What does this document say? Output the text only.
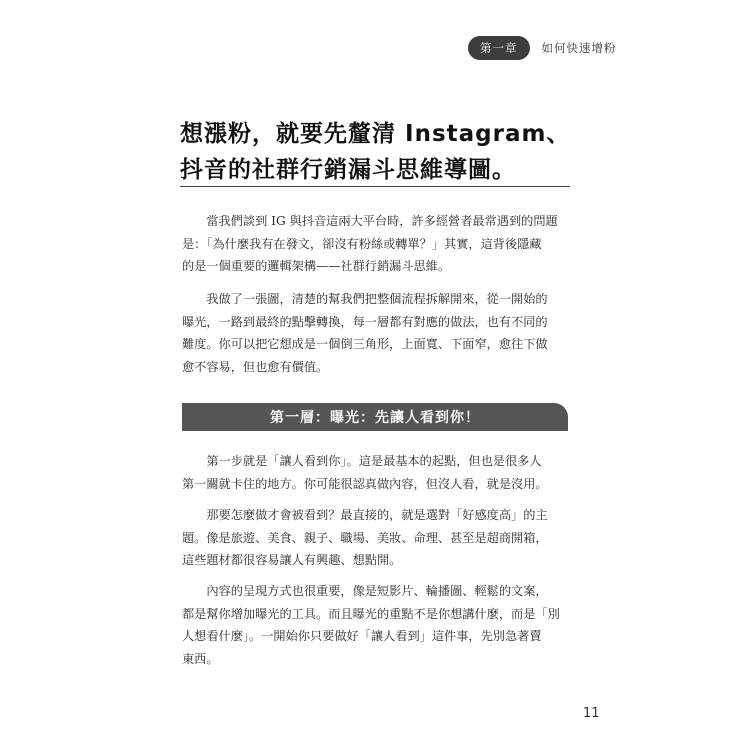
第一章	如何快速增粉
想漲粉，就要先釐清 Instagram、
抖音的社群行銷漏斗思維導圖。

　　當我們談到 IG 與抖音這兩大平台時，許多經營者最常遇到的問題
是：「為什麼我有在發文，卻沒有粉絲或轉單？」其實，這背後隱藏
的是一個重要的邏輯架構——社群行銷漏斗思維。

　　我做了一張圖，清楚的幫我們把整個流程拆解開來，從一開始的
曝光，一路到最終的點擊轉換，每一層都有對應的做法，也有不同的
難度。你可以把它想成是一個倒三角形，上面寬、下面窄，愈往下做
愈不容易，但也愈有價值。

第一層：曝光：先讓人看到你！

　　第一步就是「讓人看到你」。這是最基本的起點，但也是很多人
第一關就卡住的地方。你可能很認真做內容，但沒人看，就是沒用。

　　那要怎麼做才會被看到？最直接的，就是選對「好感度高」的主
題。像是旅遊、美食、親子、職場、美妝、命理、甚至是超商開箱，
這些題材都很容易讓人有興趣、想點開。

　　內容的呈現方式也很重要，像是短影片、輪播圖、輕鬆的文案，
都是幫你增加曝光的工具。而且曝光的重點不是你想講什麼，而是「別
人想看什麼」。一開始你只要做好「讓人看到」這件事，先別急著賣
東西。

11
